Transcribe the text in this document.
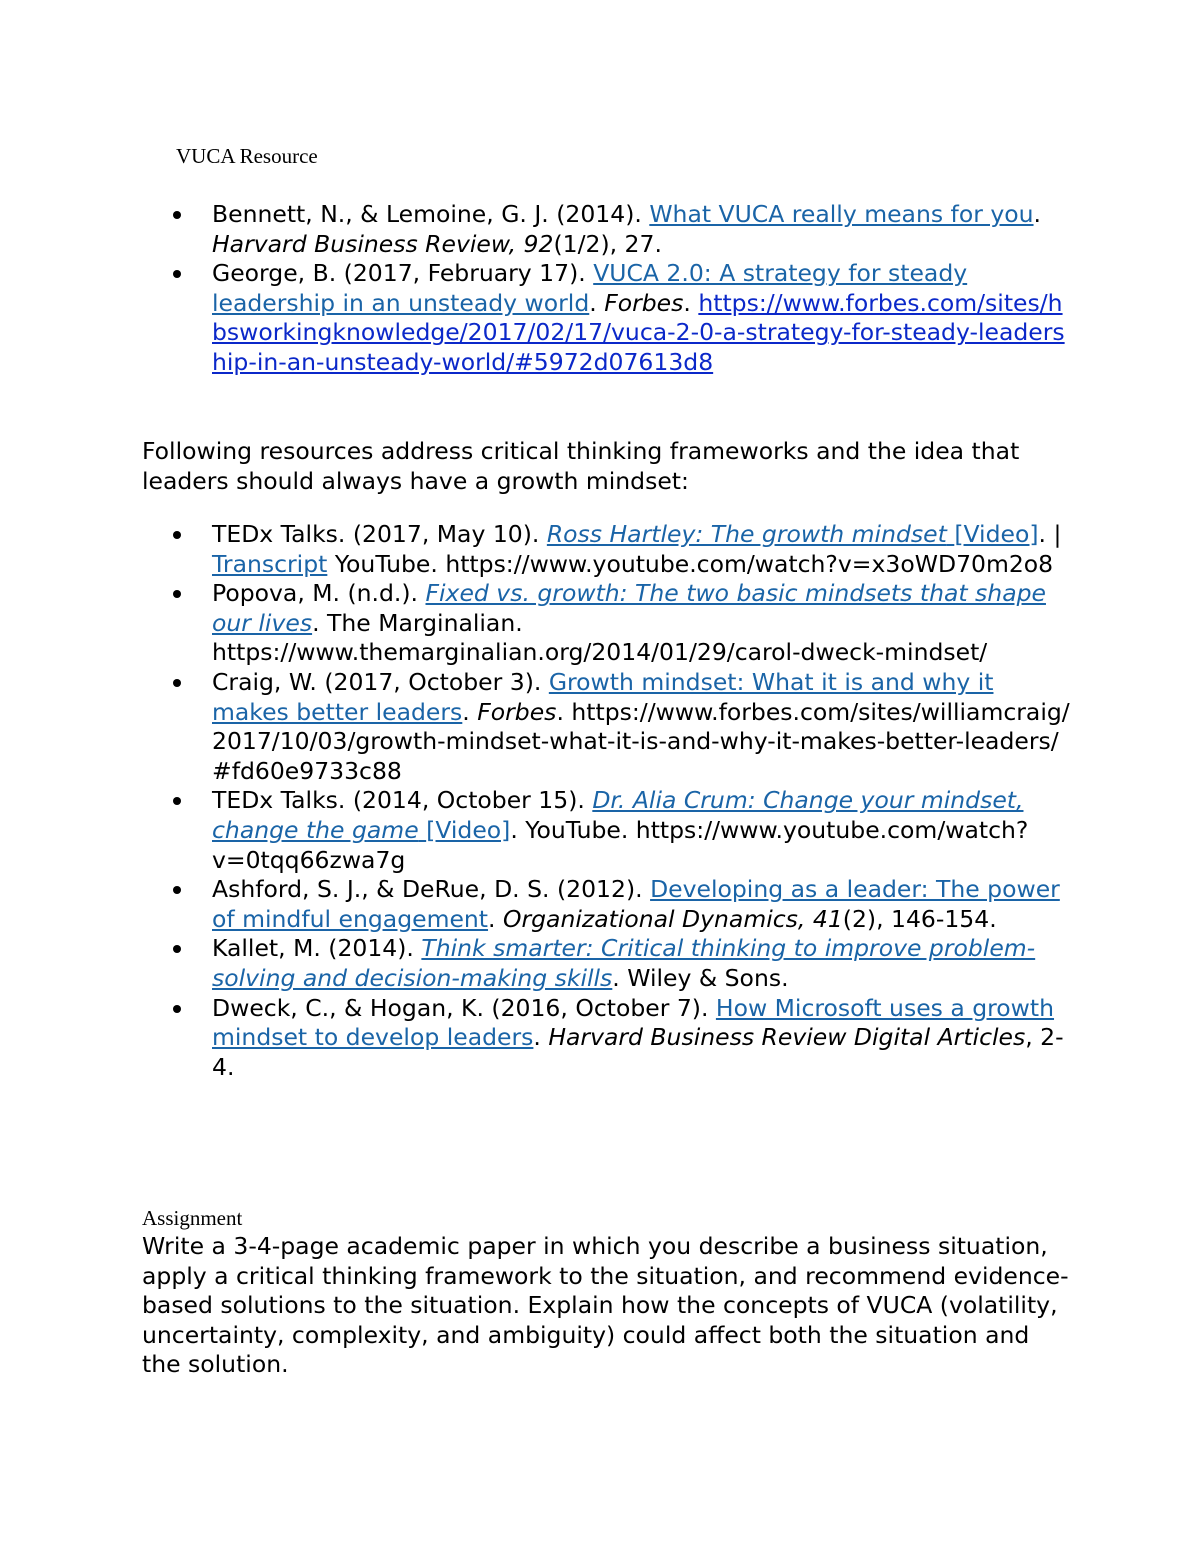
VUCA Resource

Bennett, N., & Lemoine, G. J. (2014). What VUCA really means for you. Harvard Business Review, 92(1/2), 27.
George, B. (2017, February 17). VUCA 2.0: A strategy for steady leadership in an unsteady world. Forbes. https://www.forbes.com/sites/hbsworkingknowledge/2017/02/17/vuca-2-0-a-strategy-for-steady-leadership-in-an-unsteady-world/#5972d07613d8

Following resources address critical thinking frameworks and the idea that leaders should always have a growth mindset:

TEDx Talks. (2017, May 10). Ross Hartley: The growth mindset [Video]. | Transcript YouTube. https://www.youtube.com/watch?v=x3oWD70m2o8
Popova, M. (n.d.). Fixed vs. growth: The two basic mindsets that shape our lives. The Marginalian. https://www.themarginalian.org/2014/01/29/carol-dweck-mindset/
Craig, W. (2017, October 3). Growth mindset: What it is and why it makes better leaders. Forbes. https://www.forbes.com/sites/williamcraig/2017/10/03/growth-mindset-what-it-is-and-why-it-makes-better-leaders/#fd60e9733c88
TEDx Talks. (2014, October 15). Dr. Alia Crum: Change your mindset, change the game [Video]. YouTube. https://www.youtube.com/watch?v=0tqq66zwa7g
Ashford, S. J., & DeRue, D. S. (2012). Developing as a leader: The power of mindful engagement. Organizational Dynamics, 41(2), 146-154.
Kallet, M. (2014). Think smarter: Critical thinking to improve problem-solving and decision-making skills. Wiley & Sons.
Dweck, C., & Hogan, K. (2016, October 7). How Microsoft uses a growth mindset to develop leaders. Harvard Business Review Digital Articles, 2-4.

Assignment

Write a 3-4-page academic paper in which you describe a business situation, apply a critical thinking framework to the situation, and recommend evidence-based solutions to the situation. Explain how the concepts of VUCA (volatility, uncertainty, complexity, and ambiguity) could affect both the situation and the solution.
